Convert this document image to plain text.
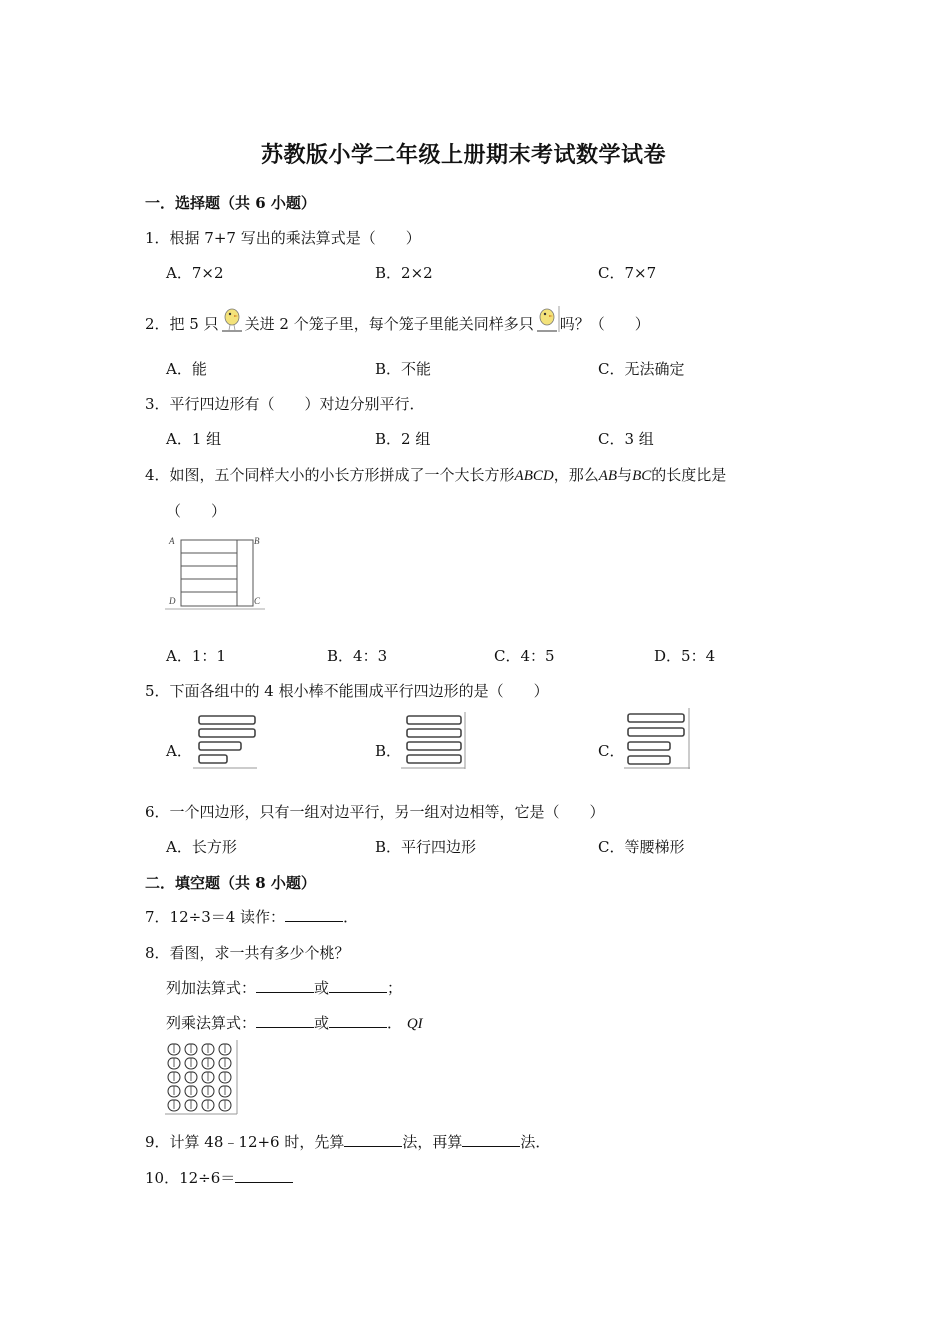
苏教版小学二年级上册期末考试数学试卷
一．选择题（共 6 小题）
1．根据 7+7 写出的乘法算式是（　　）
A．7×2	B．2×2	C．7×7
2．把 5 只 关进 2 个笼子里，每个笼子里能关同样多只 吗？（　　）
A．能	B．不能	C．无法确定
3．平行四边形有（　　）对边分别平行．
A．1 组	B．2 组	C．3 组
4．如图，五个同样大小的小长方形拼成了一个大长方形ABCD，那么AB与BC的长度比是
（　　）
A	B
C
D
A．1：1	B．4：3	C．4：5	D．5：4
5．下面各组中的 4 根小棒不能围成平行四边形的是（　　）
A．	B．	C．
6．一个四边形，只有一组对边平行，另一组对边相等，它是（　　）
A．长方形	B．平行四边形	C．等腰梯形
二．填空题（共 8 小题）
7．12÷3＝4 读作：	．
8．看图，求一共有多少个桃？
列加法算式：	或	；
列乘法算式：	或	． QI
9．计算 48﹣12+6 时，先算	法，再算	法．
10．12÷6＝
